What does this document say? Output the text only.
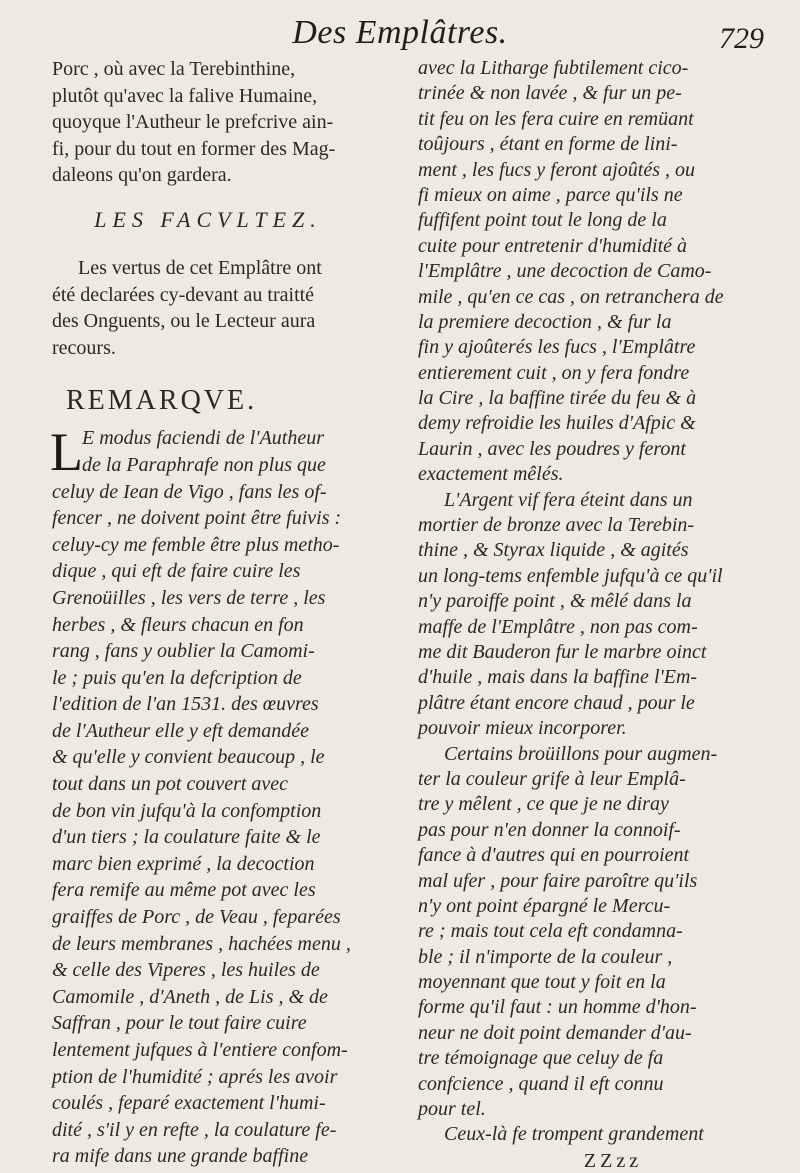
Des Emplâtres.	729
Porc , où avec la Terebinthine,
plutôt qu'avec la falive Humaine,
quoyque l'Autheur le prefcrive ain-
fi, pour du tout en former des Mag-
daleons qu'on gardera.
LES FACVLTEZ.
Les vertus de cet Emplâtre ont
été declarées cy-devant au traitté
des Onguents, ou le Lecteur aura
recours.
REMARQVE.
L E modus faciendi de l'Autheur
de la Paraphrafe non plus que
celuy de Iean de Vigo , fans les of-
fencer , ne doivent point être fuivis :
celuy-cy me femble être plus metho-
dique , qui eft de faire cuire les
Grenoüilles , les vers de terre , les
herbes , & fleurs chacun en fon
rang , fans y oublier la Camomi-
le ; puis qu'en la defcription de
l'edition de l'an 1531. des œuvres
de l'Autheur elle y eft demandée
& qu'elle y convient beaucoup , le
tout dans un pot couvert avec
de bon vin jufqu'à la confomption
d'un tiers ; la coulature faite & le
marc bien exprimé , la decoction
fera remife au même pot avec les
graiffes de Porc , de Veau , feparées
de leurs membranes , hachées menu ,
& celle des Viperes , les huiles de
Camomile , d'Aneth , de Lis , & de
Saffran , pour le tout faire cuire
lentement jufques à l'entiere confom-
ption de l'humidité ; aprés les avoir
coulés , feparé exactement l'humi-
dité , s'il y en refte , la coulature fe-
ra mife dans une grande baffine
avec la Litharge fubtilement cico-
trinée & non lavée , & fur un pe-
tit feu on les fera cuire en remüant
toûjours , étant en forme de lini-
ment , les fucs y feront ajoûtés , ou
fi mieux on aime , parce qu'ils ne
fuffifent point tout le long de la
cuite pour entretenir d'humidité à
l'Emplâtre , une decoction de Camo-
mile , qu'en ce cas , on retranchera de
la premiere decoction , & fur la
fin y ajoûterés les fucs , l'Emplâtre
entierement cuit , on y fera fondre
la Cire , la baffine tirée du feu & à
demy refroidie les huiles d'Afpic &
Laurin , avec les poudres y feront
exactement mêlés.
L'Argent vif fera éteint dans un
mortier de bronze avec la Terebin-
thine , & Styrax liquide , & agités
un long-tems enfemble jufqu'à ce qu'il
n'y paroiffe point , & mêlé dans la
maffe de l'Emplâtre , non pas com-
me dit Bauderon fur le marbre oinct
d'huile , mais dans la baffine l'Em-
plâtre étant encore chaud , pour le
pouvoir mieux incorporer.
Certains broüillons pour augmen-
ter la couleur grife à leur Emplâ-
tre y mêlent , ce que je ne diray
pas pour n'en donner la connoif-
fance à d'autres qui en pourroient
mal ufer , pour faire paroître qu'ils
n'y ont point épargné le Mercu-
re ; mais tout cela eft condamna-
ble ; il n'importe de la couleur ,
moyennant que tout y foit en la
forme qu'il faut : un homme d'hon-
neur ne doit point demander d'au-
tre témoignage que celuy de fa
confcience , quand il eft connu
pour tel.
Ceux-là fe trompent grandement
ZZzz
